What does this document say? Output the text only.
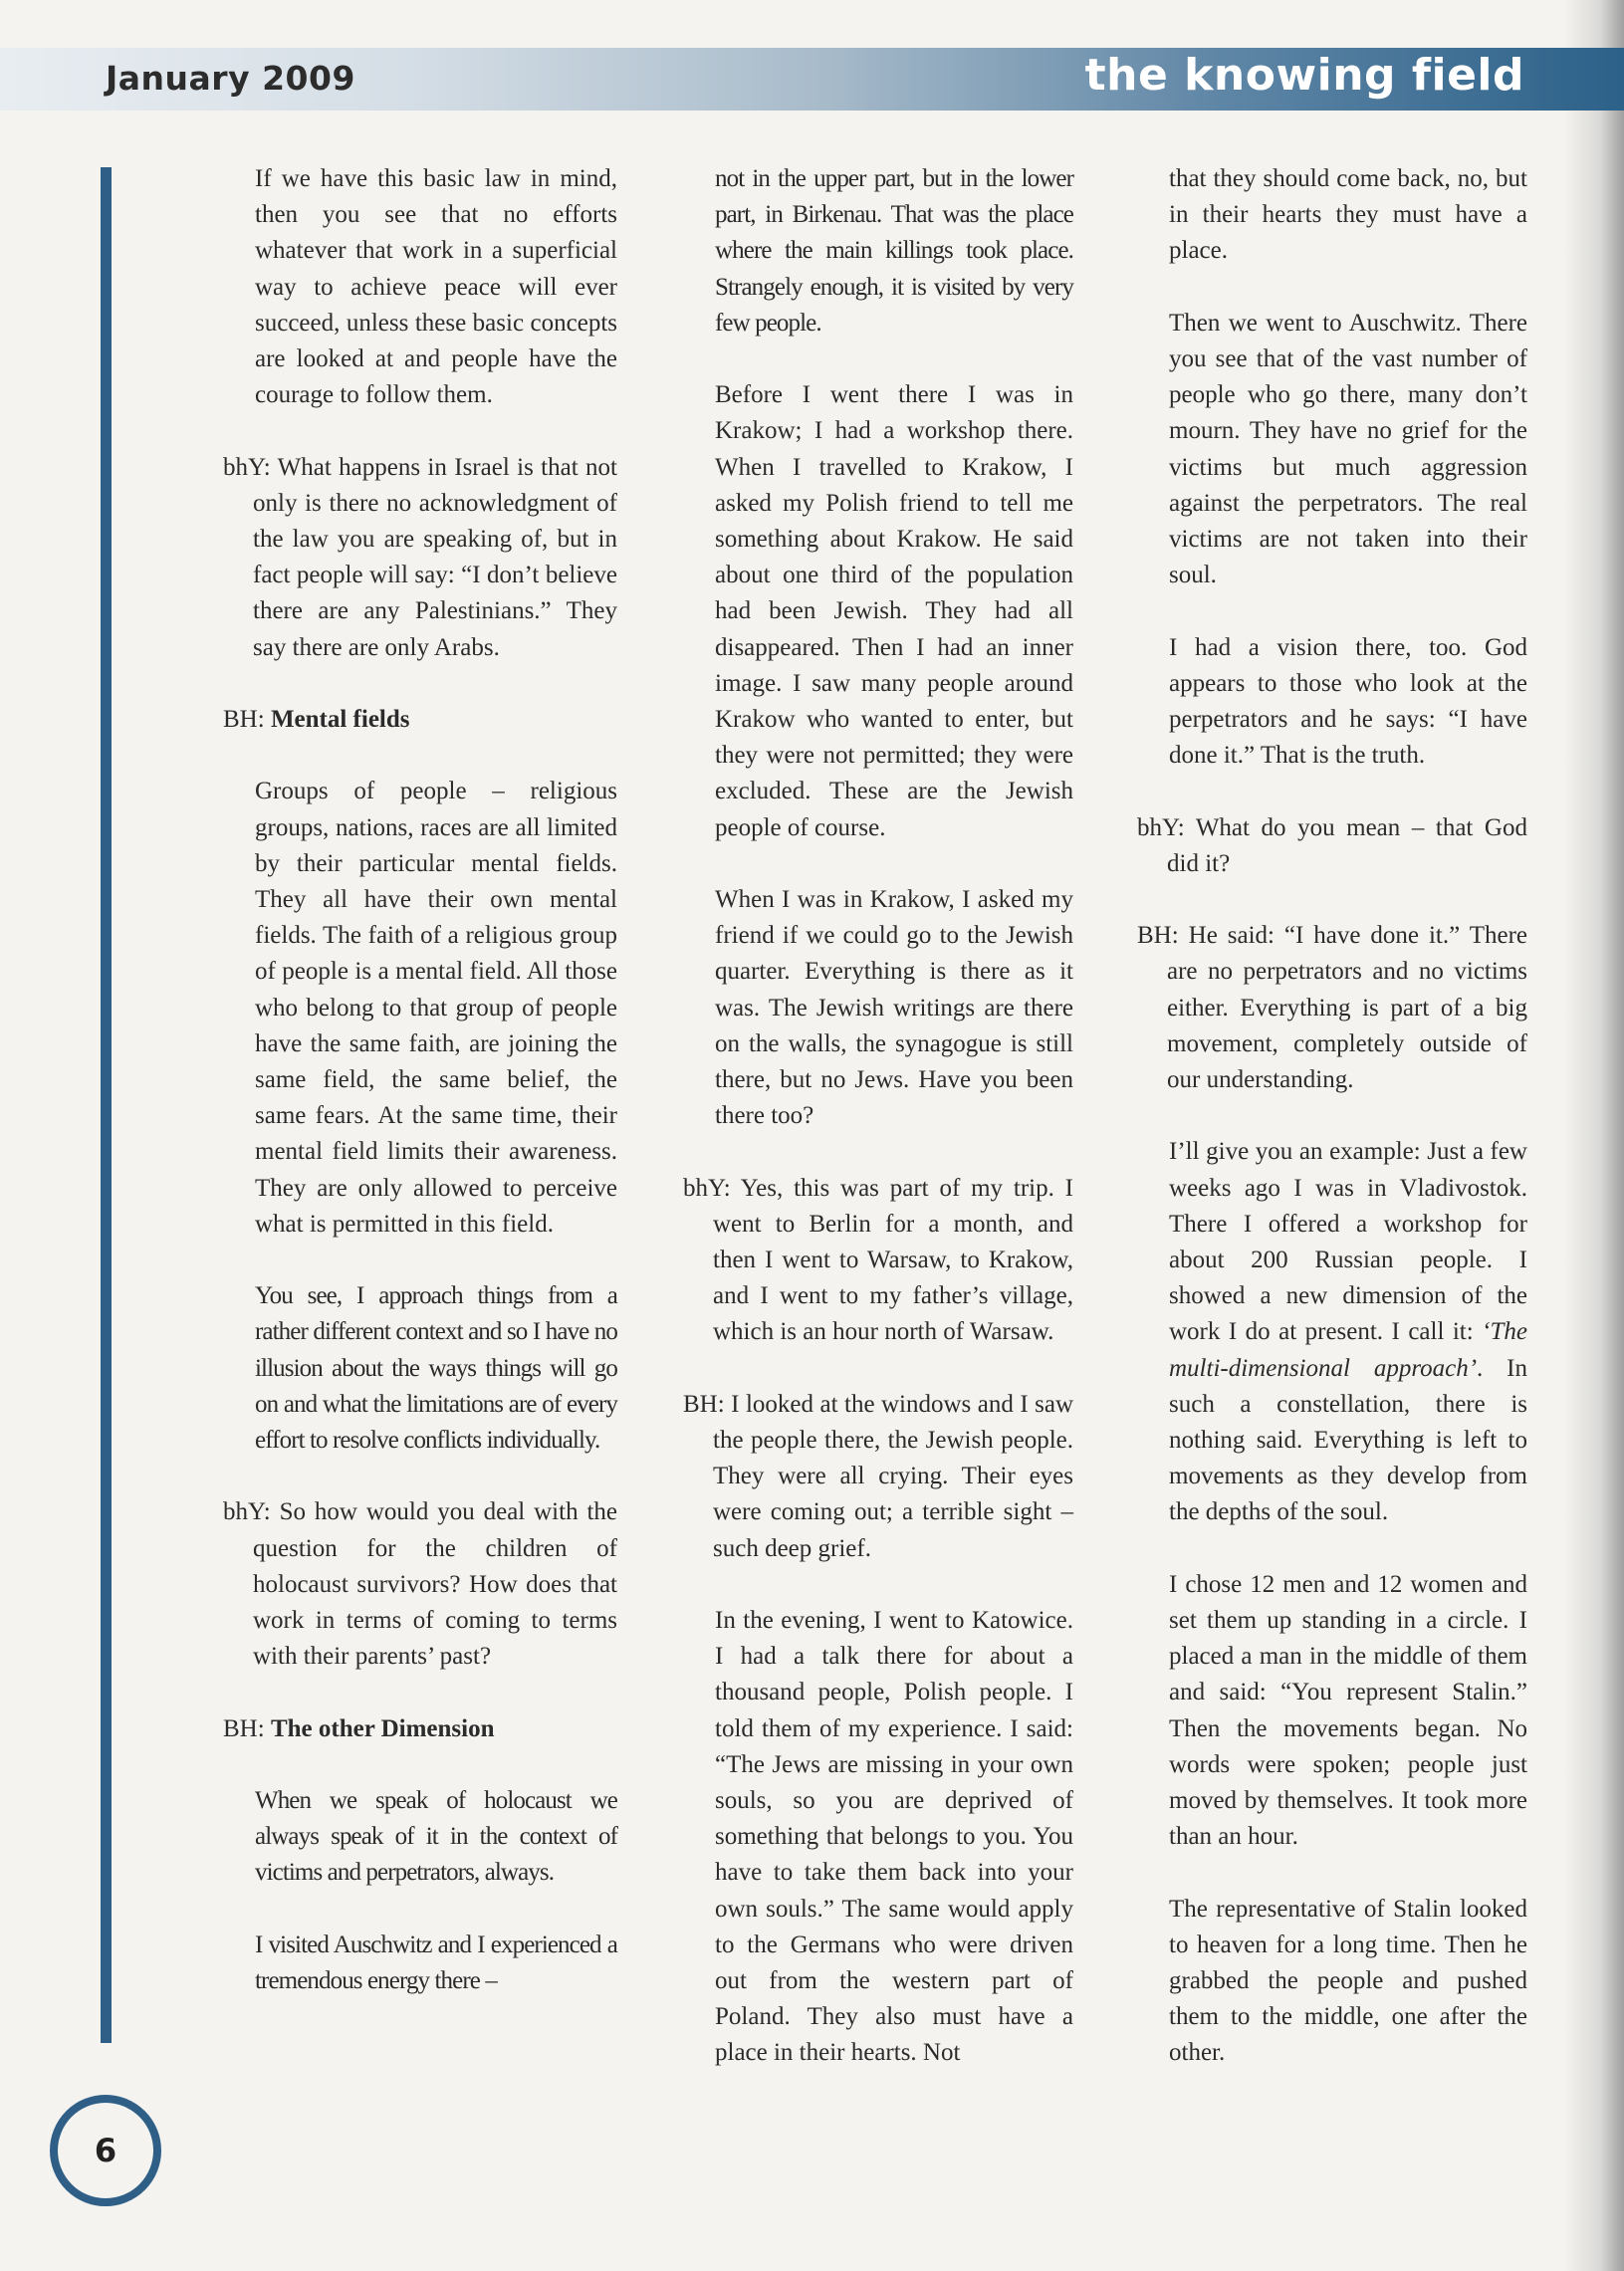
January 2009	the knowing field
6

If we have this basic law in mind, then you see that no efforts whatever that work in a superficial way to achieve peace will ever succeed, unless these basic concepts are looked at and people have the courage to follow them.

bhY: What happens in Israel is that not only is there no acknowledgment of the law you are speaking of, but in fact people will say: “I don’t believe there are any Palestinians.” They say there are only Arabs.

BH: Mental fields

Groups of people – religious groups, nations, races are all limited by their particular mental fields. They all have their own mental fields. The faith of a religious group of people is a mental field. All those who belong to that group of people have the same faith, are joining the same field, the same belief, the same fears. At the same time, their mental field limits their awareness. They are only allowed to perceive what is permitted in this field.

You see, I approach things from a rather different context and so I have no illusion about the ways things will go on and what the limitations are of every effort to resolve conflicts individually.

bhY: So how would you deal with the question for the children of holocaust survivors? How does that work in terms of coming to terms with their parents’ past?

BH: The other Dimension

When we speak of holocaust we always speak of it in the context of victims and perpetrators, always.

I visited Auschwitz and I experienced a tremendous energy there –

not in the upper part, but in the lower part, in Birkenau. That was the place where the main killings took place. Strangely enough, it is visited by very few people.

Before I went there I was in Krakow; I had a workshop there. When I travelled to Krakow, I asked my Polish friend to tell me something about Krakow. He said about one third of the population had been Jewish. They had all disappeared. Then I had an inner image. I saw many people around Krakow who wanted to enter, but they were not permitted; they were excluded. These are the Jewish people of course.

When I was in Krakow, I asked my friend if we could go to the Jewish quarter. Everything is there as it was. The Jewish writings are there on the walls, the synagogue is still there, but no Jews. Have you been there too?

bhY: Yes, this was part of my trip. I went to Berlin for a month, and then I went to Warsaw, to Krakow, and I went to my father’s village, which is an hour north of Warsaw.

BH: I looked at the windows and I saw the people there, the Jewish people. They were all crying. Their eyes were coming out; a terrible sight – such deep grief.

In the evening, I went to Katowice. I had a talk there for about a thousand people, Polish people. I told them of my experience. I said: “The Jews are missing in your own souls, so you are deprived of something that belongs to you. You have to take them back into your own souls.” The same would apply to the Germans who were driven out from the western part of Poland. They also must have a place in their hearts. Not

that they should come back, no, but in their hearts they must have a place.

Then we went to Auschwitz. There you see that of the vast number of people who go there, many don’t mourn. They have no grief for the victims but much aggression against the perpetrators. The real victims are not taken into their soul.

I had a vision there, too. God appears to those who look at the perpetrators and he says: “I have done it.” That is the truth.

bhY: What do you mean – that God did it?

BH: He said: “I have done it.” There are no perpetrators and no victims either. Everything is part of a big movement, completely outside of our understanding.

I’ll give you an example: Just a few weeks ago I was in Vladivostok. There I offered a workshop for about 200 Russian people. I showed a new dimension of the work I do at present. I call it: ‘The multi-dimensional approach’. In such a constellation, there is nothing said. Everything is left to movements as they develop from the depths of the soul.

I chose 12 men and 12 women and set them up standing in a circle. I placed a man in the middle of them and said: “You represent Stalin.” Then the movements began. No words were spoken; people just moved by themselves. It took more than an hour.

The representative of Stalin looked to heaven for a long time. Then he grabbed the people and pushed them to the middle, one after the other.
